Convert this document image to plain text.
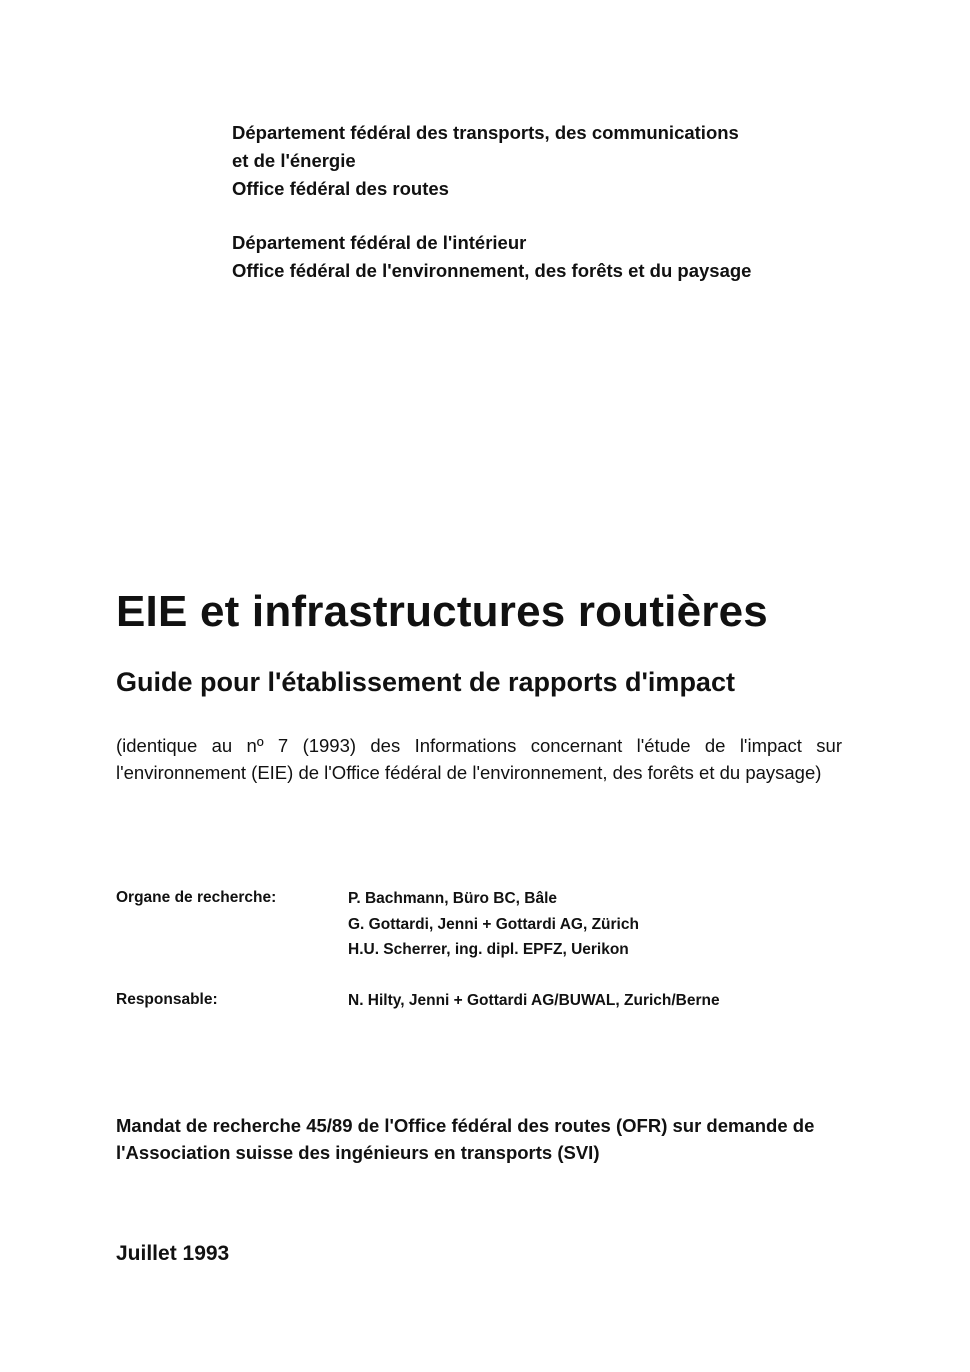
Département fédéral des transports, des communications
et de l'énergie
Office fédéral des routes
Département fédéral de l'intérieur
Office fédéral de l'environnement, des forêts et du paysage
EIE et infrastructures routières
Guide pour l'établissement de rapports d'impact
(identique au nº 7 (1993) des Informations concernant l'étude de l'impact sur l'environnement (EIE) de l'Office fédéral de l'environnement, des forêts et du paysage)
Organe de recherche:	P. Bachmann, Büro BC, Bâle
G. Gottardi, Jenni + Gottardi AG, Zürich
H.U. Scherrer, ing. dipl. EPFZ, Uerikon
Responsable:	N. Hilty, Jenni + Gottardi AG/BUWAL, Zurich/Berne
Mandat de recherche 45/89 de l'Office fédéral des routes (OFR) sur demande de l'Association suisse des ingénieurs en transports (SVI)
Juillet 1993
